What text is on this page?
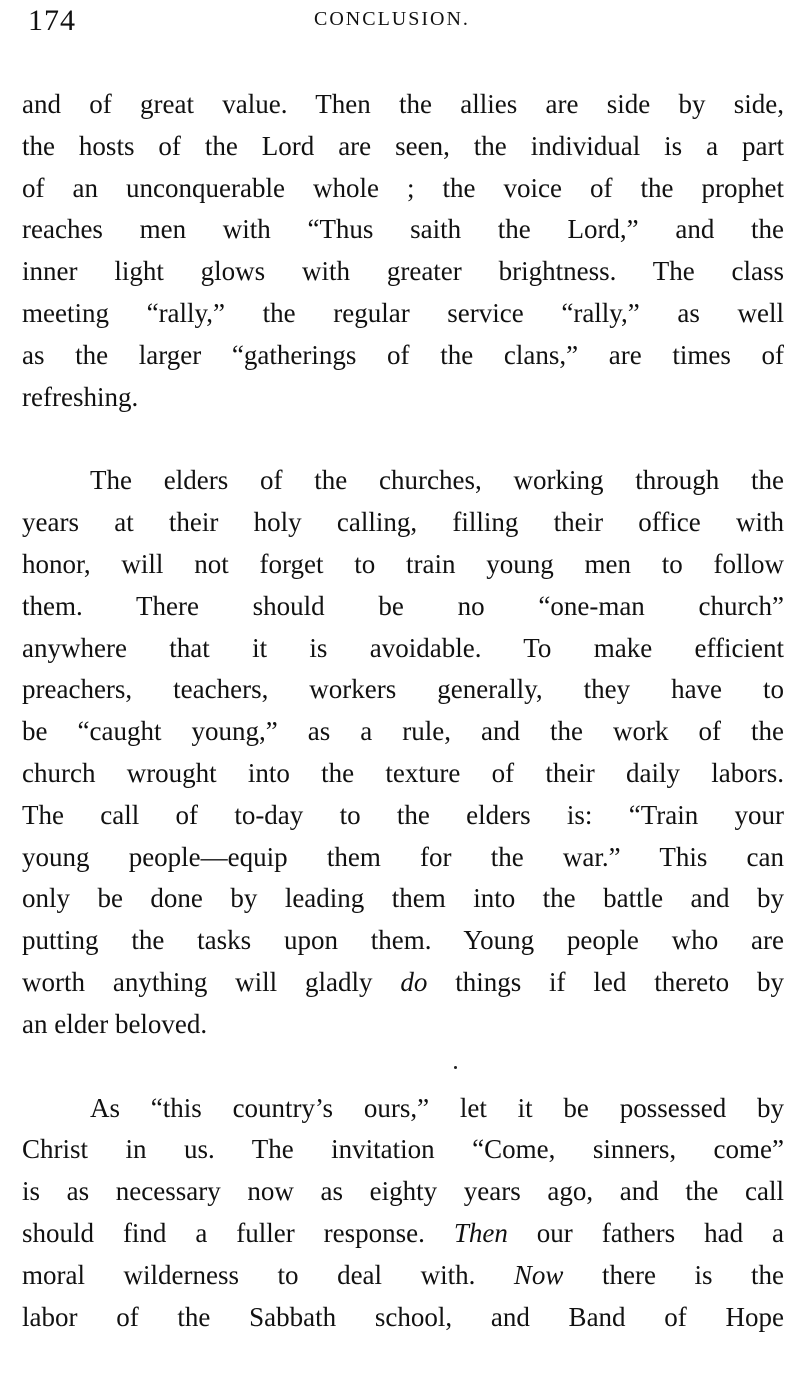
174	CONCLUSION.

and of great value. Then the allies are side by side,
the hosts of the Lord are seen, the individual is a part
of an unconquerable whole ; the voice of the prophet
reaches men with “Thus saith the Lord,” and the
inner light glows with greater brightness. The class
meeting “rally,” the regular service “rally,” as well
as the larger “gatherings of the clans,” are times of
refreshing.

The elders of the churches, working through the
years at their holy calling, filling their office with
honor, will not forget to train young men to follow
them. There should be no “one-man church”
anywhere that it is avoidable. To make efficient
preachers, teachers, workers generally, they have to
be “caught young,” as a rule, and the work of the
church wrought into the texture of their daily labors.
The call of to-day to the elders is: “Train your
young people—equip them for the war.” This can
only be done by leading them into the battle and by
putting the tasks upon them. Young people who are
worth anything will gladly do things if led thereto by
an elder beloved.

As “this country’s ours,” let it be possessed by
Christ in us. The invitation “Come, sinners, come”
is as necessary now as eighty years ago, and the call
should find a fuller response. Then our fathers had a
moral wilderness to deal with. Now there is the
labor of the Sabbath school, and Band of Hope
